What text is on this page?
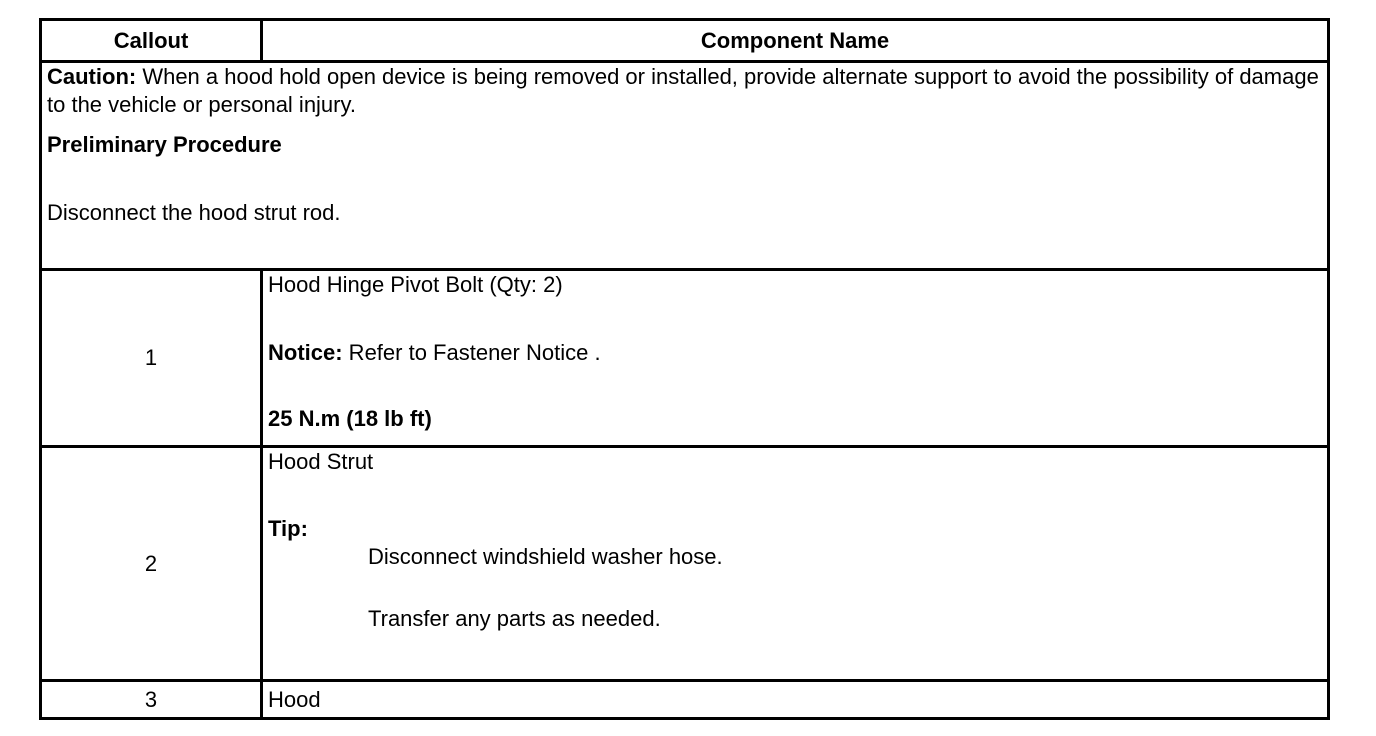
Callout	Component Name

Caution: When a hood hold open device is being removed or installed, provide alternate support to avoid the possibility of damage to the vehicle or personal injury.
Preliminary Procedure
Disconnect the hood strut rod.	

1	Hood Hinge Pivot Bolt (Qty: 2)
Notice: Refer to Fastener Notice .
25 N.m (18 lb ft)

2	Hood Strut
Tip:
Disconnect windshield washer hose.
Transfer any parts as needed.

3	Hood
